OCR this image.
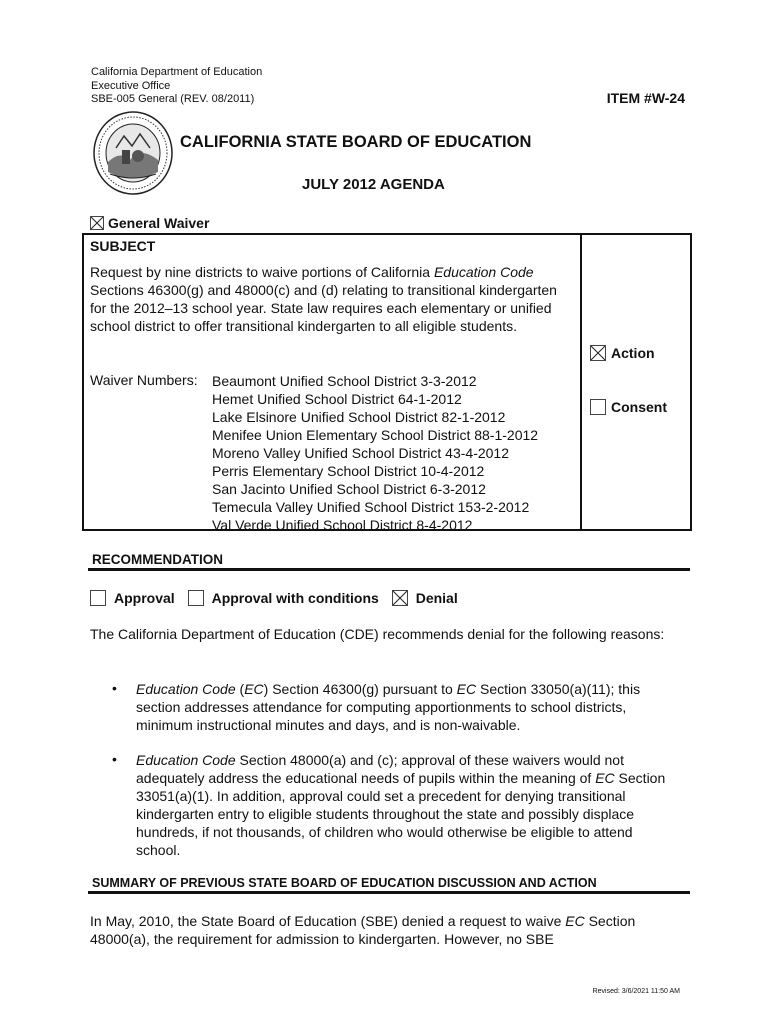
California Department of Education
Executive Office
SBE-005 General (REV. 08/2011)	ITEM #W-24
CALIFORNIA STATE BOARD OF EDUCATION
JULY 2012 AGENDA
General Waiver
SUBJECT
Request by nine districts to waive portions of California Education Code Sections 46300(g) and 48000(c) and (d) relating to transitional kindergarten for the 2012–13 school year. State law requires each elementary or unified school district to offer transitional kindergarten to all eligible students.
Waiver Numbers: Beaumont Unified School District 3-3-2012
Hemet Unified School District 64-1-2012
Lake Elsinore Unified School District 82-1-2012
Menifee Union Elementary School District 88-1-2012
Moreno Valley Unified School District 43-4-2012
Perris Elementary School District 10-4-2012
San Jacinto Unified School District 6-3-2012
Temecula Valley Unified School District 153-2-2012
Val Verde Unified School District 8-4-2012
Action
Consent
RECOMMENDATION
Approval	Approval with conditions	Denial
The California Department of Education (CDE) recommends denial for the following reasons:
• Education Code (EC) Section 46300(g) pursuant to EC Section 33050(a)(11); this section addresses attendance for computing apportionments to school districts, minimum instructional minutes and days, and is non-waivable.
• Education Code Section 48000(a) and (c); approval of these waivers would not adequately address the educational needs of pupils within the meaning of EC Section 33051(a)(1). In addition, approval could set a precedent for denying transitional kindergarten entry to eligible students throughout the state and possibly displace hundreds, if not thousands, of children who would otherwise be eligible to attend school.
SUMMARY OF PREVIOUS STATE BOARD OF EDUCATION DISCUSSION AND ACTION
In May, 2010, the State Board of Education (SBE) denied a request to waive EC Section 48000(a), the requirement for admission to kindergarten. However, no SBE
Revised: 3/6/2021 11:50 AM
